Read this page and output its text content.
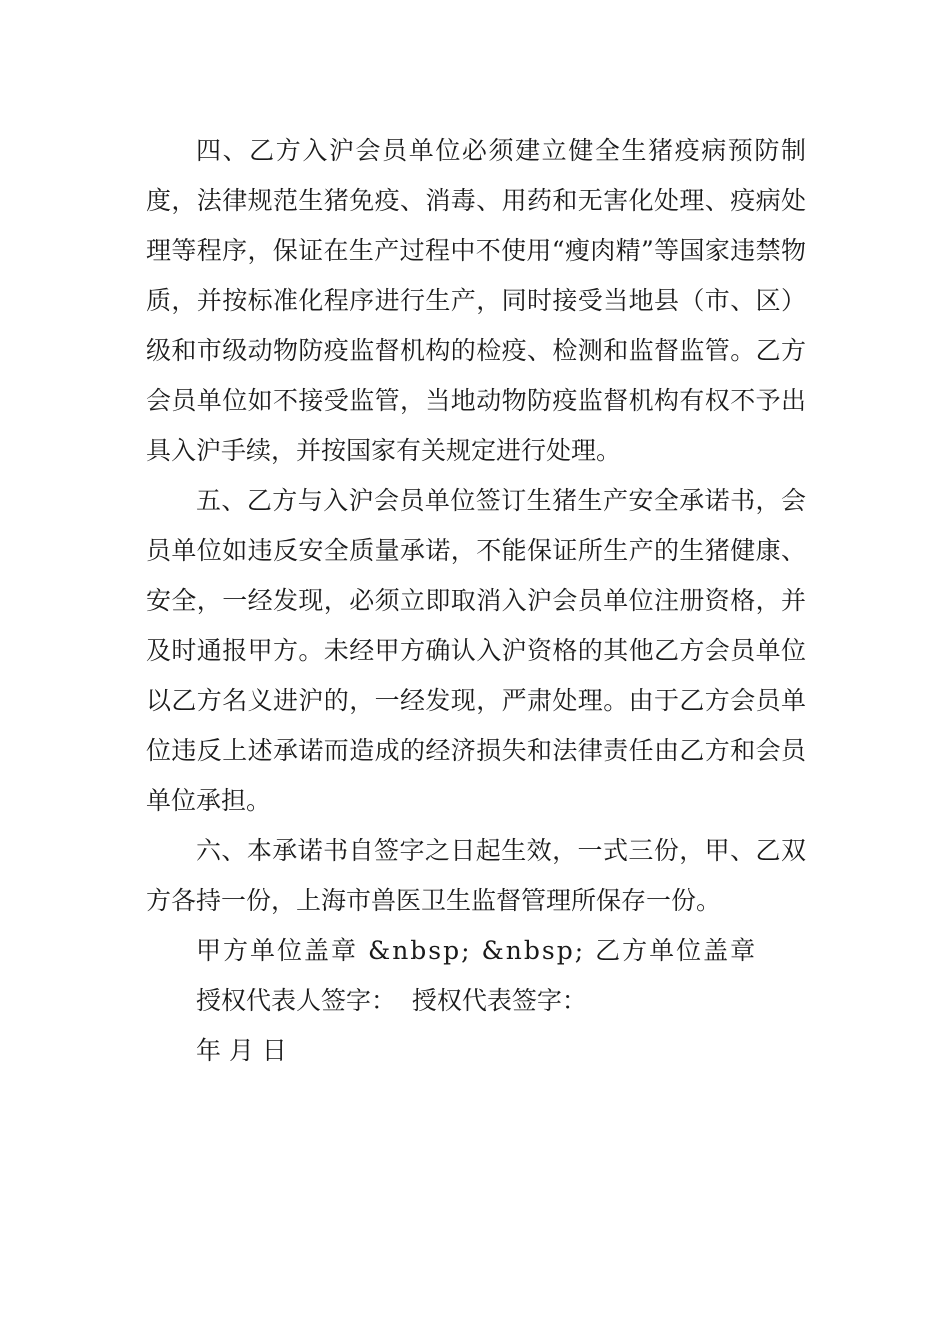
四、乙方入沪会员单位必须建立健全生猪疫病预防制度，法律规范生猪免疫、消毒、用药和无害化处理、疫病处理等程序，保证在生产过程中不使用“瘦肉精”等国家违禁物质，并按标准化程序进行生产，同时接受当地县（市、区）级和市级动物防疫监督机构的检疫、检测和监督监管。乙方会员单位如不接受监管，当地动物防疫监督机构有权不予出具入沪手续，并按国家有关规定进行处理。

五、乙方与入沪会员单位签订生猪生产安全承诺书，会员单位如违反安全质量承诺，不能保证所生产的生猪健康、安全，一经发现，必须立即取消入沪会员单位注册资格，并及时通报甲方。未经甲方确认入沪资格的其他乙方会员单位以乙方名义进沪的，一经发现，严肃处理。由于乙方会员单位违反上述承诺而造成的经济损失和法律责任由乙方和会员单位承担。

六、本承诺书自签字之日起生效，一式三份，甲、乙双方各持一份，上海市兽医卫生监督管理所保存一份。

甲方单位盖章 &nbsp; &nbsp; 乙方单位盖章

授权代表人签字：  授权代表签字：

年 月 日
